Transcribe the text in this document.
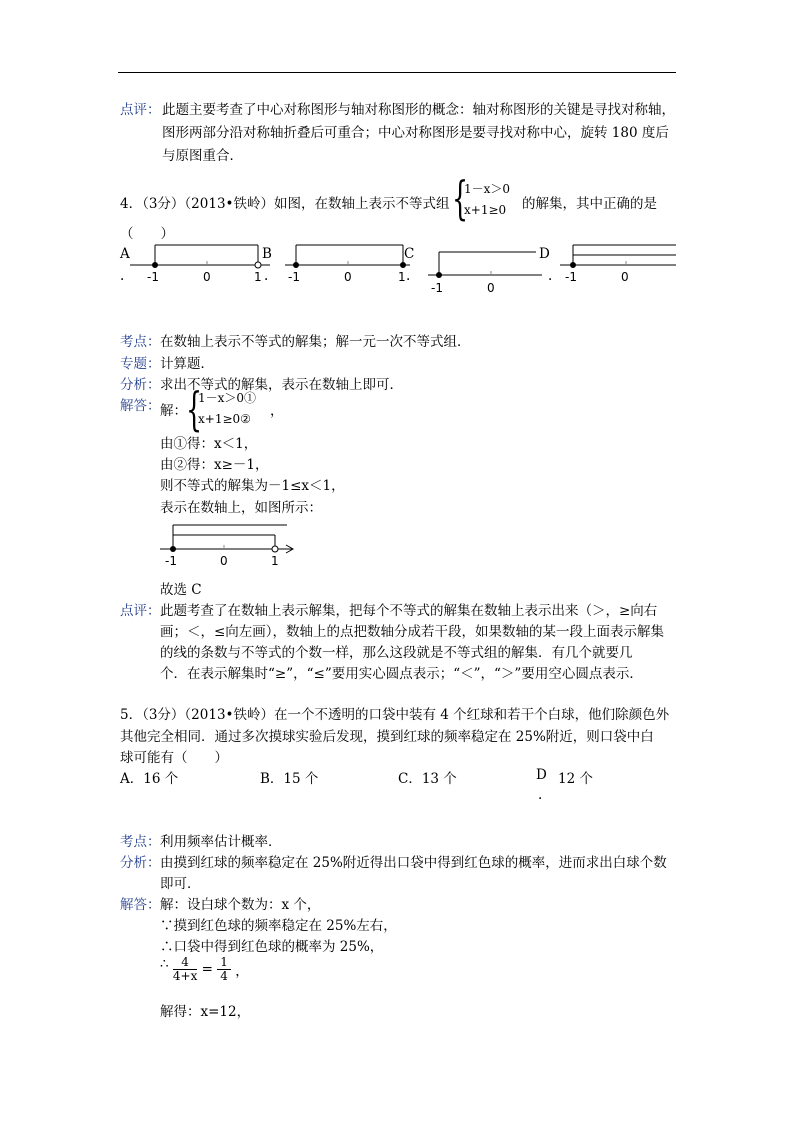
点评： 此题主要考查了中心对称图形与轴对称图形的概念：轴对称图形的关键是寻找对称轴，
图形两部分沿对称轴折叠后可重合；中心对称图形是要寻找对称中心，旋转 180 度后
与原图重合．
4．（3分）（2013•铁岭）如图，在数轴上表示不等式组 {
1－x＞0
x+1≥0 的解集，其中正确的是
（　　）
A
. -1	0	1
B
. -1	0	1
C
.
-1	0
D
. -1	0
考点： 在数轴上表示不等式的解集；解一元一次不等式组．
专题： 计算题．
分析： 求出不等式的解集，表示在数轴上即可．
解答： 解： {
1－x＞0①
x+1≥0② ，
由①得：x＜1，
由②得：x≥－1，
则不等式的解集为－1≤x＜1，
表示在数轴上，如图所示：
-1	0	1
故选 C
点评： 此题考查了在数轴上表示解集，把每个不等式的解集在数轴上表示出来（＞，≥向右
画；＜，≤向左画），数轴上的点把数轴分成若干段，如果数轴的某一段上面表示解集
的线的条数与不等式的个数一样，那么这段就是不等式组的解集．有几个就要几
个．在表示解集时“≥”，“≤”要用实心圆点表示；“＜”，“＞”要用空心圆点表示．
5．（3分）（2013•铁岭）在一个不透明的口袋中装有 4 个红球和若干个白球，他们除颜色外
其他完全相同．通过多次摸球实验后发现，摸到红球的频率稳定在 25%附近，则口袋中白
球可能有（　　）
A．16 个	B．15 个	C．13 个	D
.
12 个
考点： 利用频率估计概率．
分析： 由摸到红球的频率稳定在 25%附近得出口袋中得到红色球的概率，进而求出白球个数
即可．
解答： 解：设白球个数为：x 个，
∵摸到红色球的频率稳定在 25%左右，
∴口袋中得到红色球的概率为 25%，
∴ $\frac{4}{4+x} = \frac{1}{4}$ ，
解得：x=12，
